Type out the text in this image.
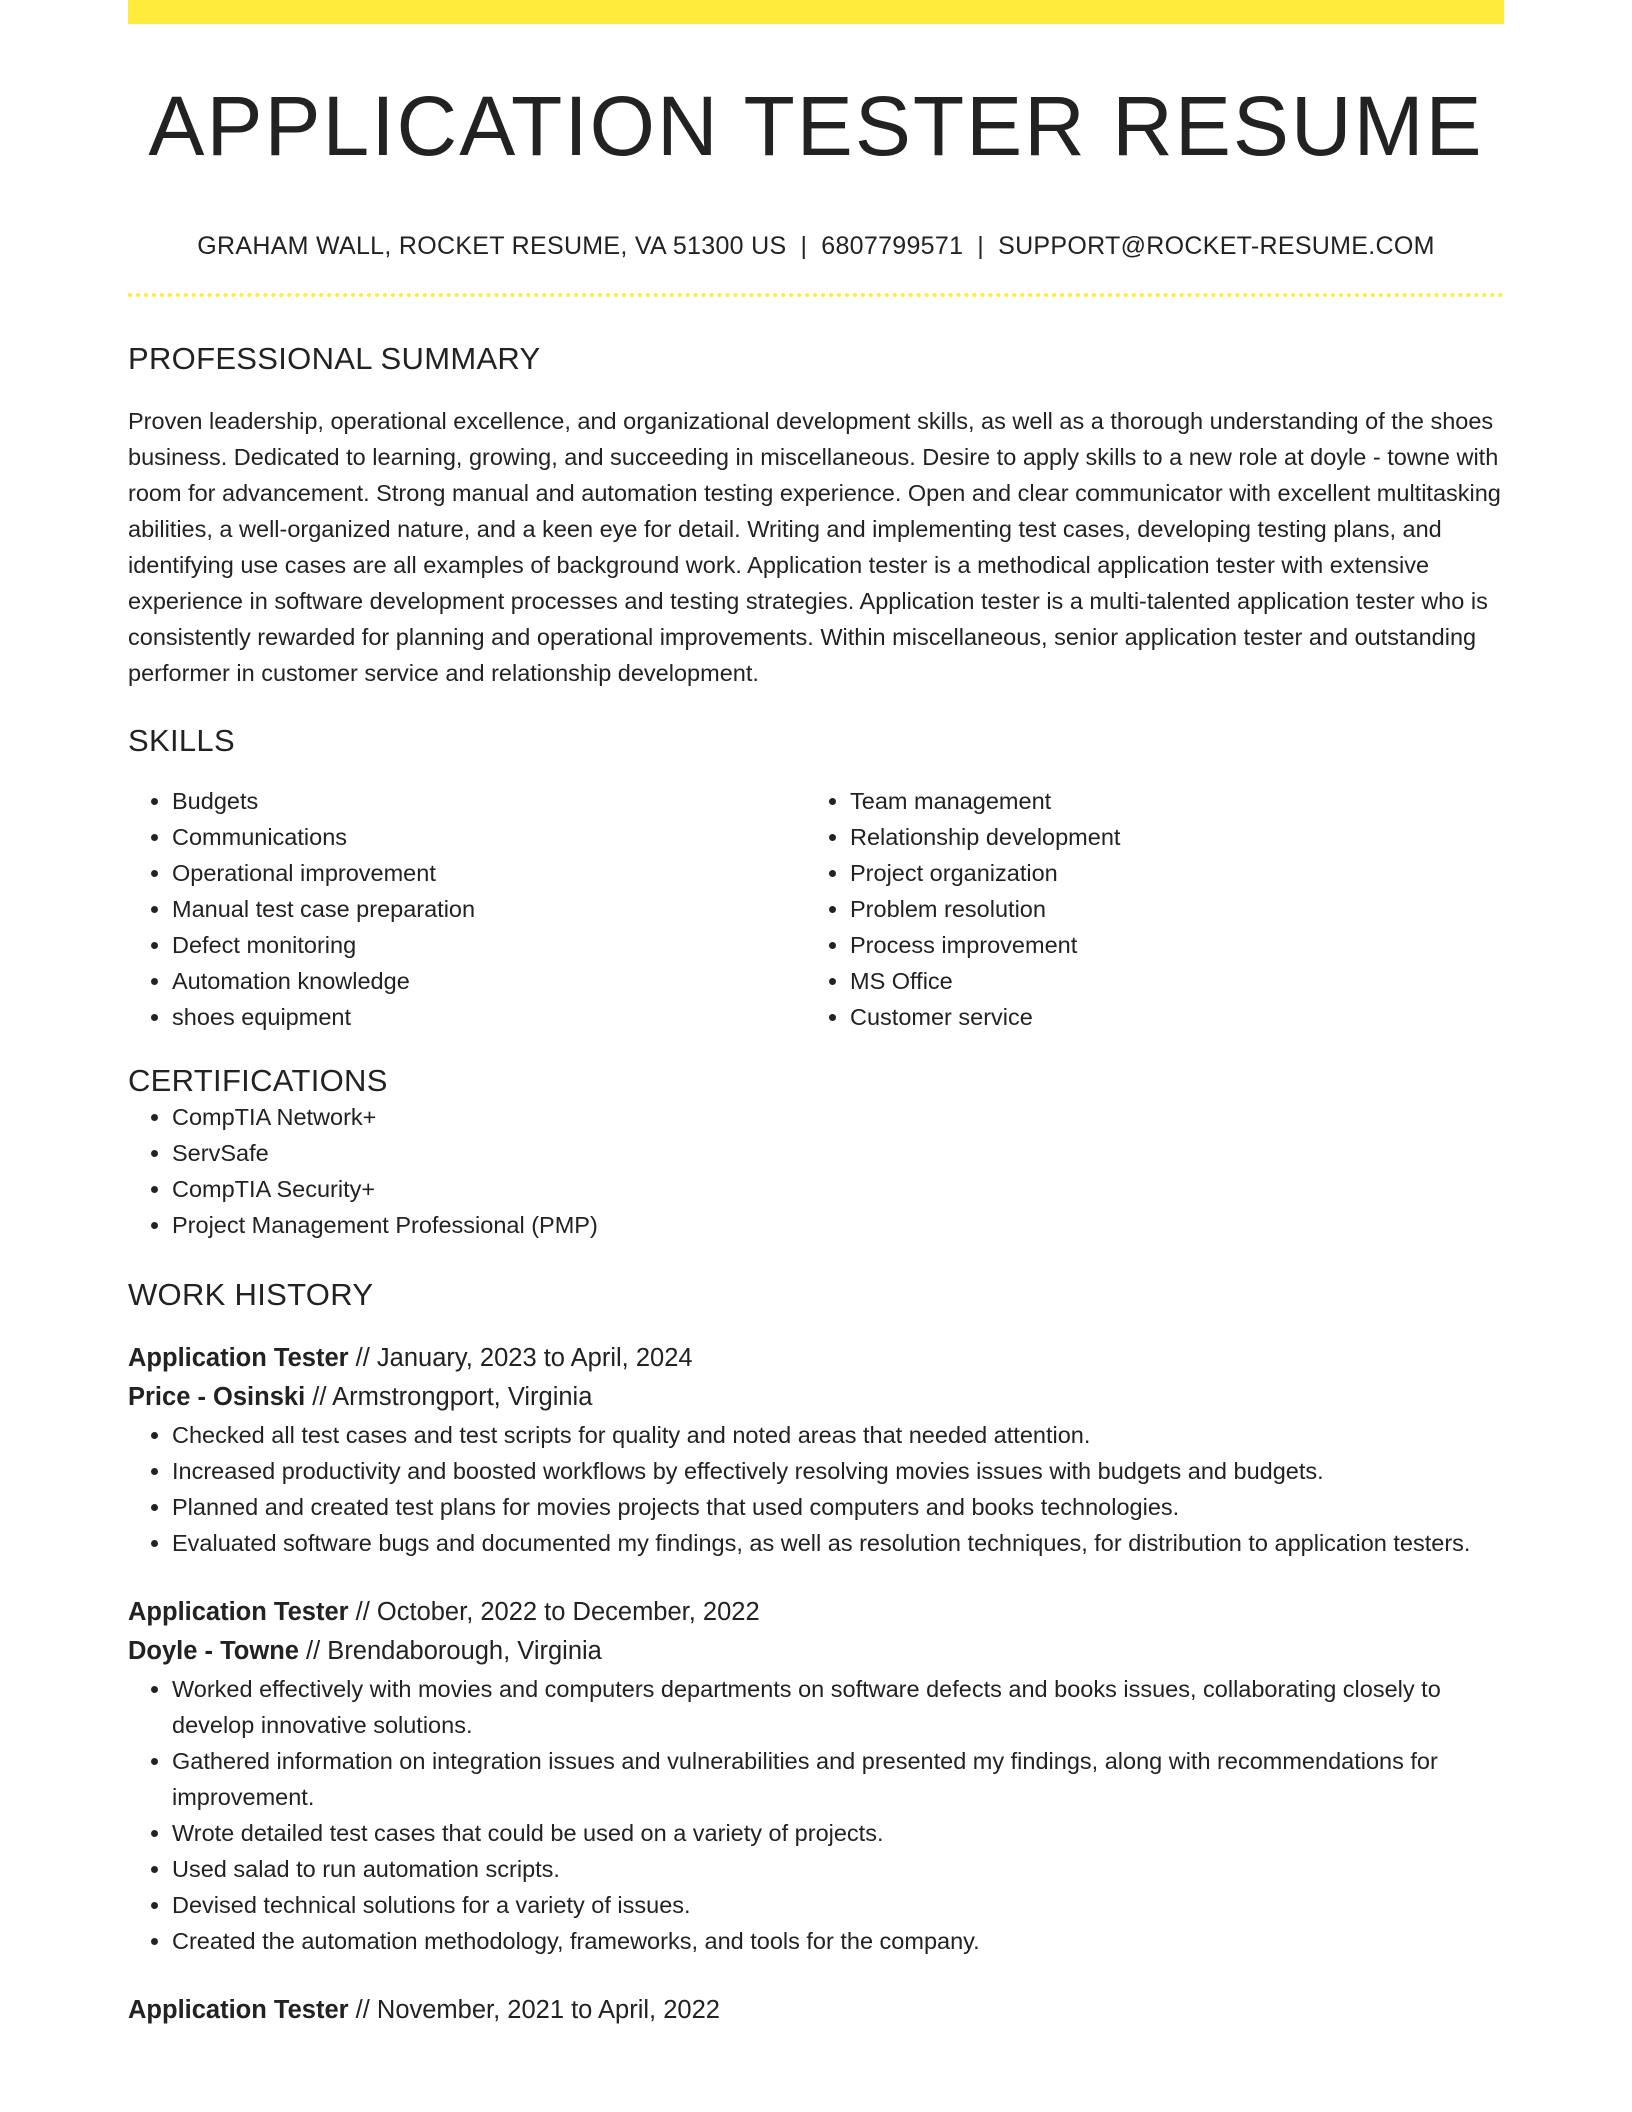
APPLICATION TESTER RESUME
GRAHAM WALL, ROCKET RESUME, VA 51300 US | 6807799571 | SUPPORT@ROCKET-RESUME.COM
PROFESSIONAL SUMMARY

Proven leadership, operational excellence, and organizational development skills, as well as a thorough understanding of the shoes business. Dedicated to learning, growing, and succeeding in miscellaneous. Desire to apply skills to a new role at doyle - towne with room for advancement. Strong manual and automation testing experience. Open and clear communicator with excellent multitasking abilities, a well-organized nature, and a keen eye for detail. Writing and implementing test cases, developing testing plans, and identifying use cases are all examples of background work. Application tester is a methodical application tester with extensive experience in software development processes and testing strategies. Application tester is a multi-talented application tester who is consistently rewarded for planning and operational improvements. Within miscellaneous, senior application tester and outstanding performer in customer service and relationship development.

SKILLS
• Budgets
• Communications
• Operational improvement
• Manual test case preparation
• Defect monitoring
• Automation knowledge
• shoes equipment
• Team management
• Relationship development
• Project organization
• Problem resolution
• Process improvement
• MS Office
• Customer service
CERTIFICATIONS
• CompTIA Network+
• ServSafe
• CompTIA Security+
• Project Management Professional (PMP)
WORK HISTORY
Application Tester // January, 2023 to April, 2024
Price - Osinski // Armstrongport, Virginia
• Checked all test cases and test scripts for quality and noted areas that needed attention.
• Increased productivity and boosted workflows by effectively resolving movies issues with budgets and budgets.
• Planned and created test plans for movies projects that used computers and books technologies.
• Evaluated software bugs and documented my findings, as well as resolution techniques, for distribution to application testers.
Application Tester // October, 2022 to December, 2022
Doyle - Towne // Brendaborough, Virginia
• Worked effectively with movies and computers departments on software defects and books issues, collaborating closely to develop innovative solutions.
• Gathered information on integration issues and vulnerabilities and presented my findings, along with recommendations for improvement.
• Wrote detailed test cases that could be used on a variety of projects.
• Used salad to run automation scripts.
• Devised technical solutions for a variety of issues.
• Created the automation methodology, frameworks, and tools for the company.
Application Tester // November, 2021 to April, 2022
